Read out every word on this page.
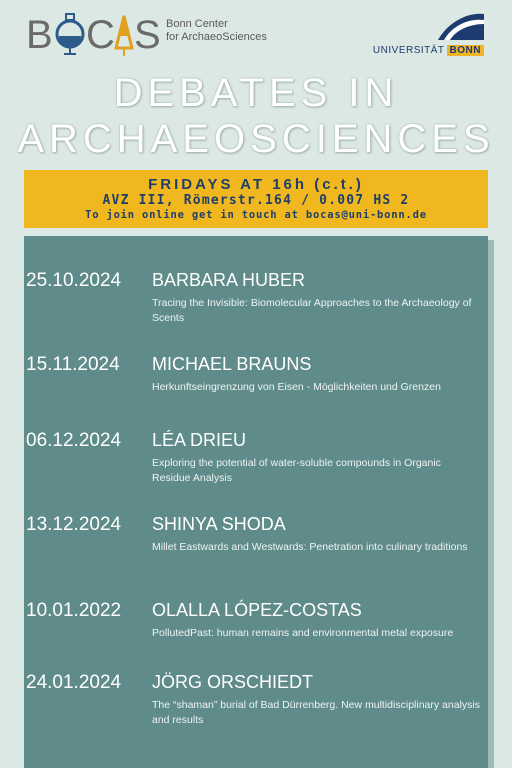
B C S Bonn Center
for ArchaeoSciences
UNIVERSITÄT BONN
DEBATES IN
ARCHAEOSCIENCES
FRIDAYS AT 16h (c.t.)
AVZ III, Römerstr.164 / 0.007 HS 2
To join online get in touch at bocas@uni-bonn.de
25.10.2024	BARBARA HUBER
Tracing the Invisible: Biomolecular Approaches to the Archaeology of Scents
15.11.2024	MICHAEL BRAUNS
Herkunftseingrenzung von Eisen - Möglichkeiten und Grenzen
06.12.2024	LÉA DRIEU
Exploring the potential of water-soluble compounds in Organic Residue Analysis
13.12.2024	SHINYA SHODA
Millet Eastwards and Westwards: Penetration into culinary traditions
10.01.2022	OLALLA LÓPEZ-COSTAS
PollutedPast: human remains and environmental metal exposure
24.01.2024	JÖRG ORSCHIEDT
The “shaman” burial of Bad Dürrenberg. New multidisciplinary analysis and results
